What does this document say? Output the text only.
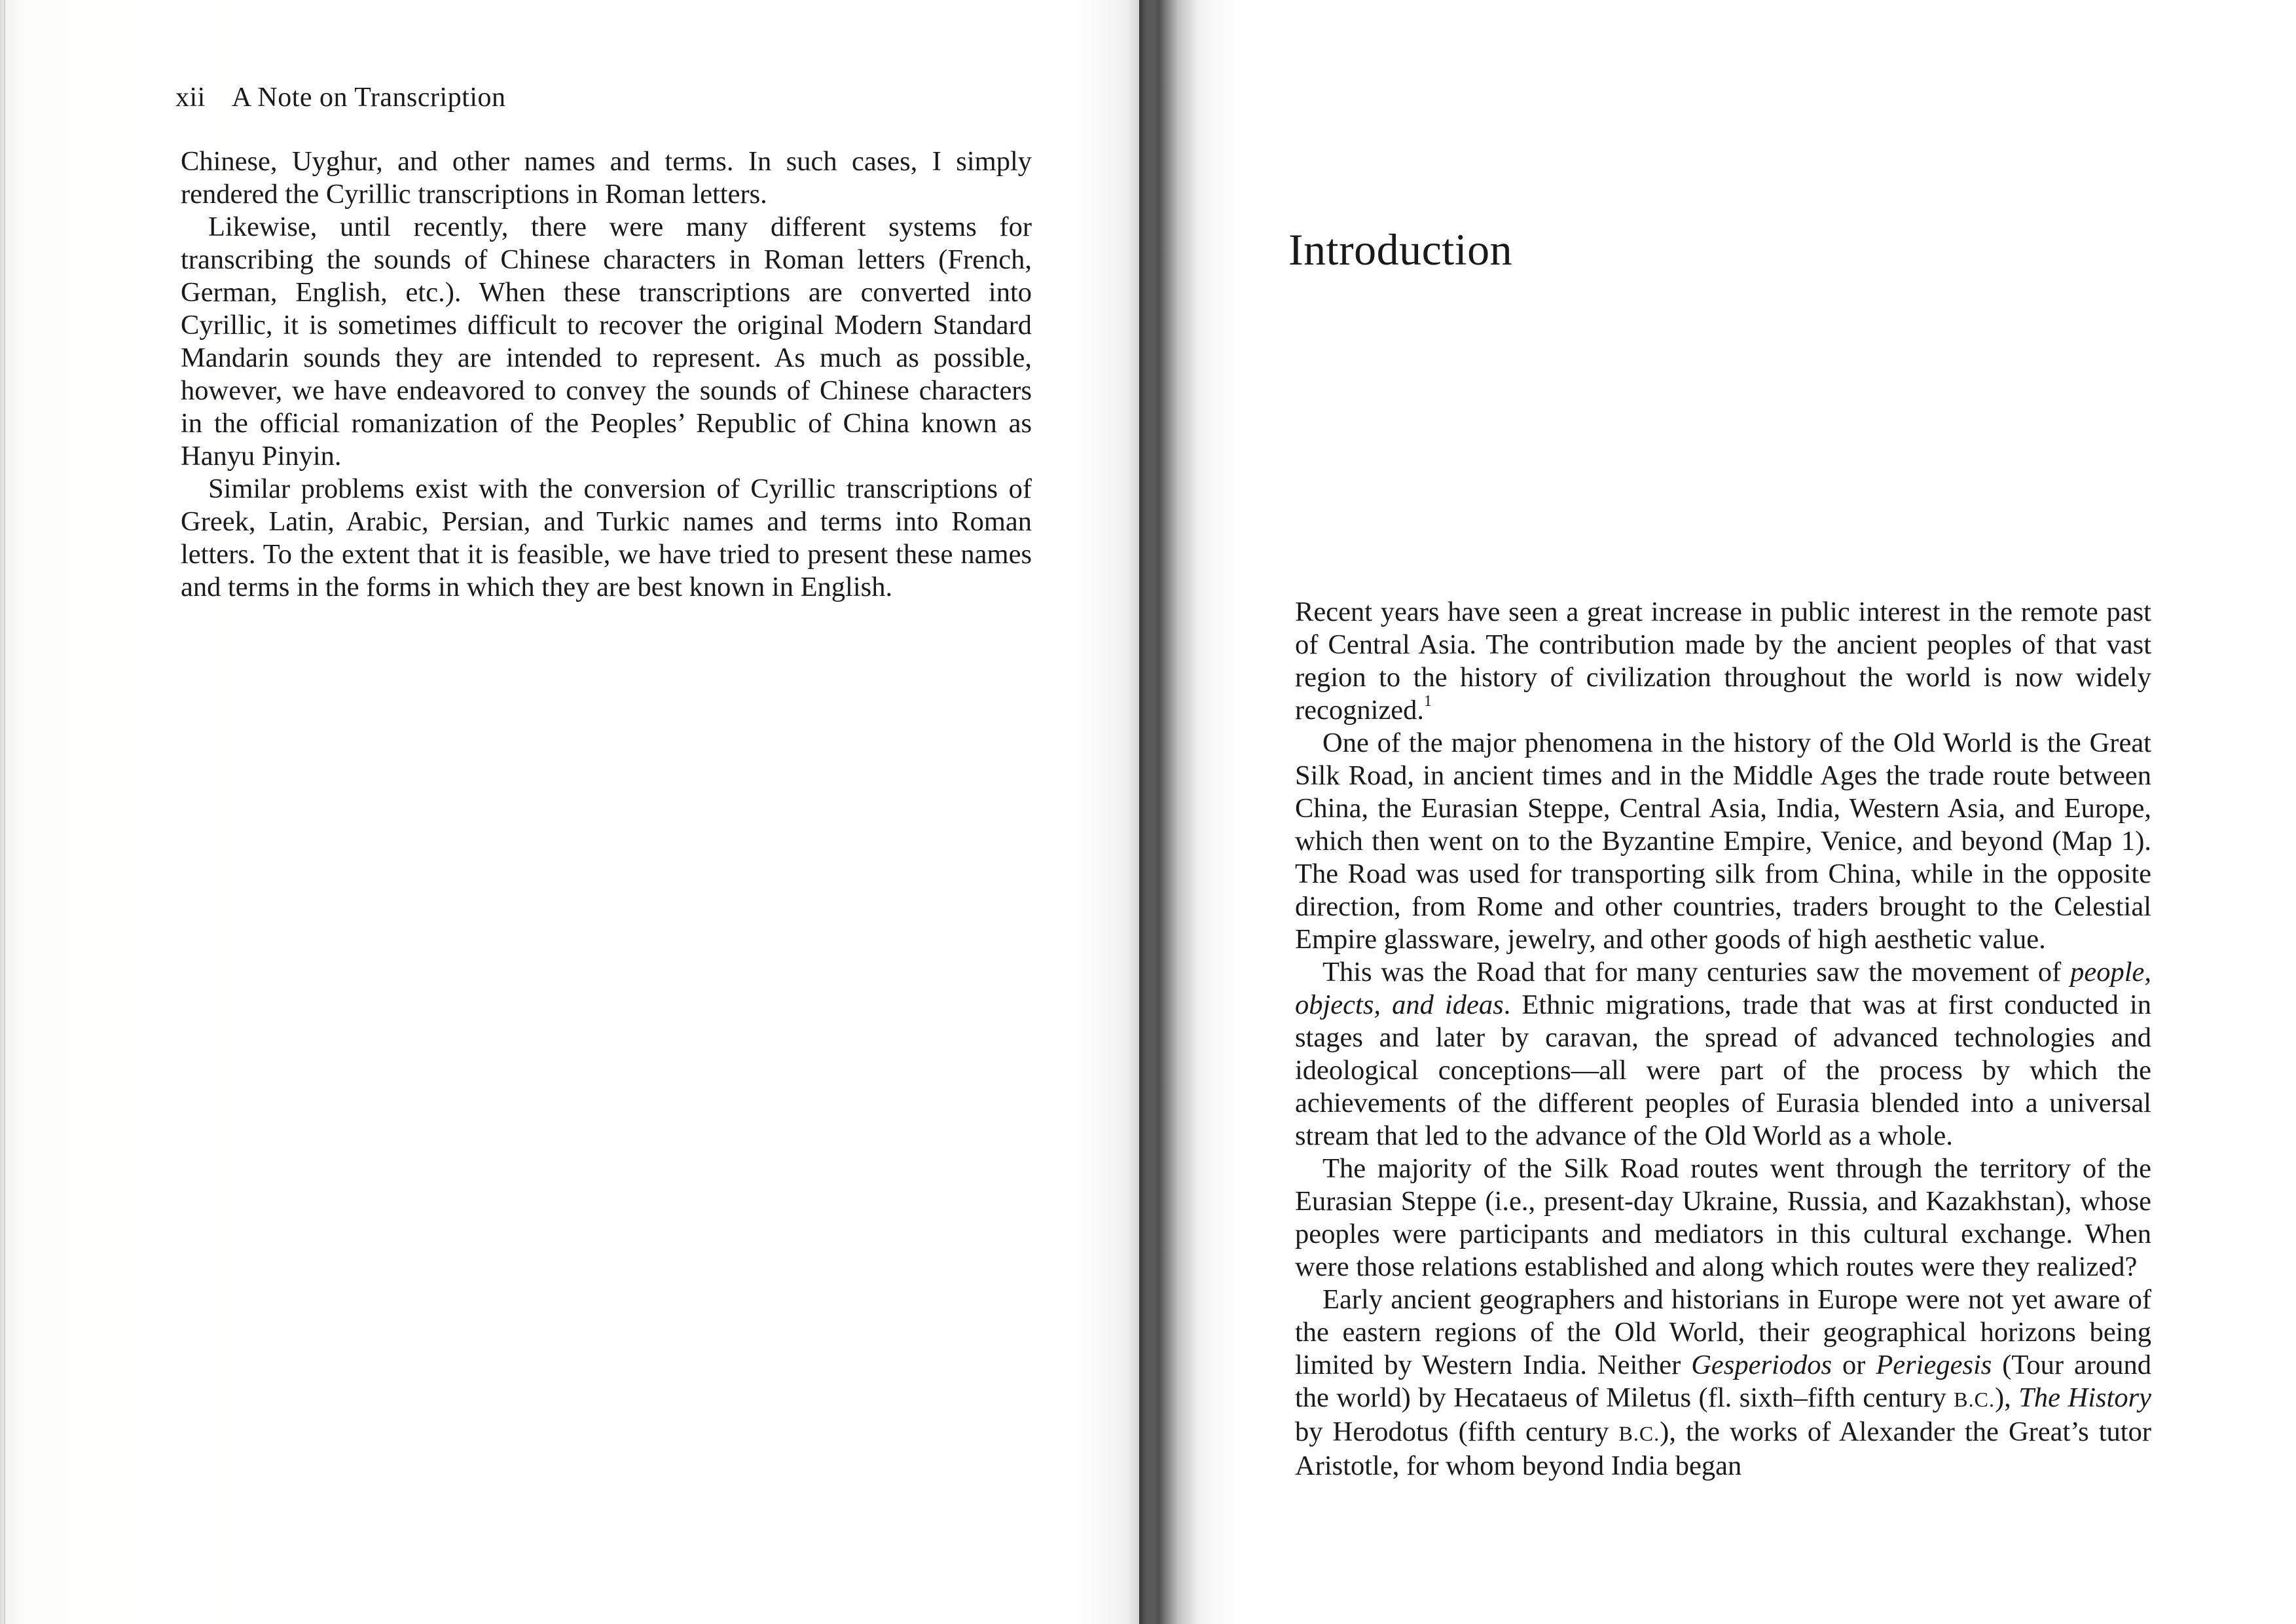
xii A Note on Transcription

Chinese, Uyghur, and other names and terms. In such cases, I simply rendered the Cyrillic transcriptions in Roman letters.

Likewise, until recently, there were many different systems for transcribing the sounds of Chinese characters in Roman letters (French, German, English, etc.). When these transcriptions are converted into Cyrillic, it is sometimes difficult to recover the original Modern Standard Mandarin sounds they are intended to represent. As much as possible, however, we have endeavored to convey the sounds of Chinese characters in the official romanization of the Peoples’ Republic of China known as Hanyu Pinyin.

Similar problems exist with the conversion of Cyrillic transcriptions of Greek, Latin, Arabic, Persian, and Turkic names and terms into Roman letters. To the extent that it is feasible, we have tried to present these names and terms in the forms in which they are best known in English.

Introduction

Recent years have seen a great increase in public interest in the remote past of Central Asia. The contribution made by the ancient peoples of that vast region to the history of civilization throughout the world is now widely recognized.$^1$

One of the major phenomena in the history of the Old World is the Great Silk Road, in ancient times and in the Middle Ages the trade route between China, the Eurasian Steppe, Central Asia, India, Western Asia, and Europe, which then went on to the Byzantine Empire, Venice, and beyond (Map 1). The Road was used for transporting silk from China, while in the opposite direction, from Rome and other countries, traders brought to the Celestial Empire glassware, jewelry, and other goods of high aesthetic value.

This was the Road that for many centuries saw the movement of people, objects, and ideas. Ethnic migrations, trade that was at first conducted in stages and later by caravan, the spread of advanced technologies and ideological conceptions—all were part of the process by which the achievements of the different peoples of Eurasia blended into a universal stream that led to the advance of the Old World as a whole.

The majority of the Silk Road routes went through the territory of the Eurasian Steppe (i.e., present-day Ukraine, Russia, and Kazakhstan), whose peoples were participants and mediators in this cultural exchange. When were those relations established and along which routes were they realized?

Early ancient geographers and historians in Europe were not yet aware of the eastern regions of the Old World, their geographical horizons being limited by Western India. Neither Gesperiodos or Periegesis (Tour around the world) by Hecataeus of Miletus (fl. sixth–fifth century B.C.), The History by Herodotus (fifth century B.C.), the works of Alexander the Great’s tutor Aristotle, for whom beyond India began
